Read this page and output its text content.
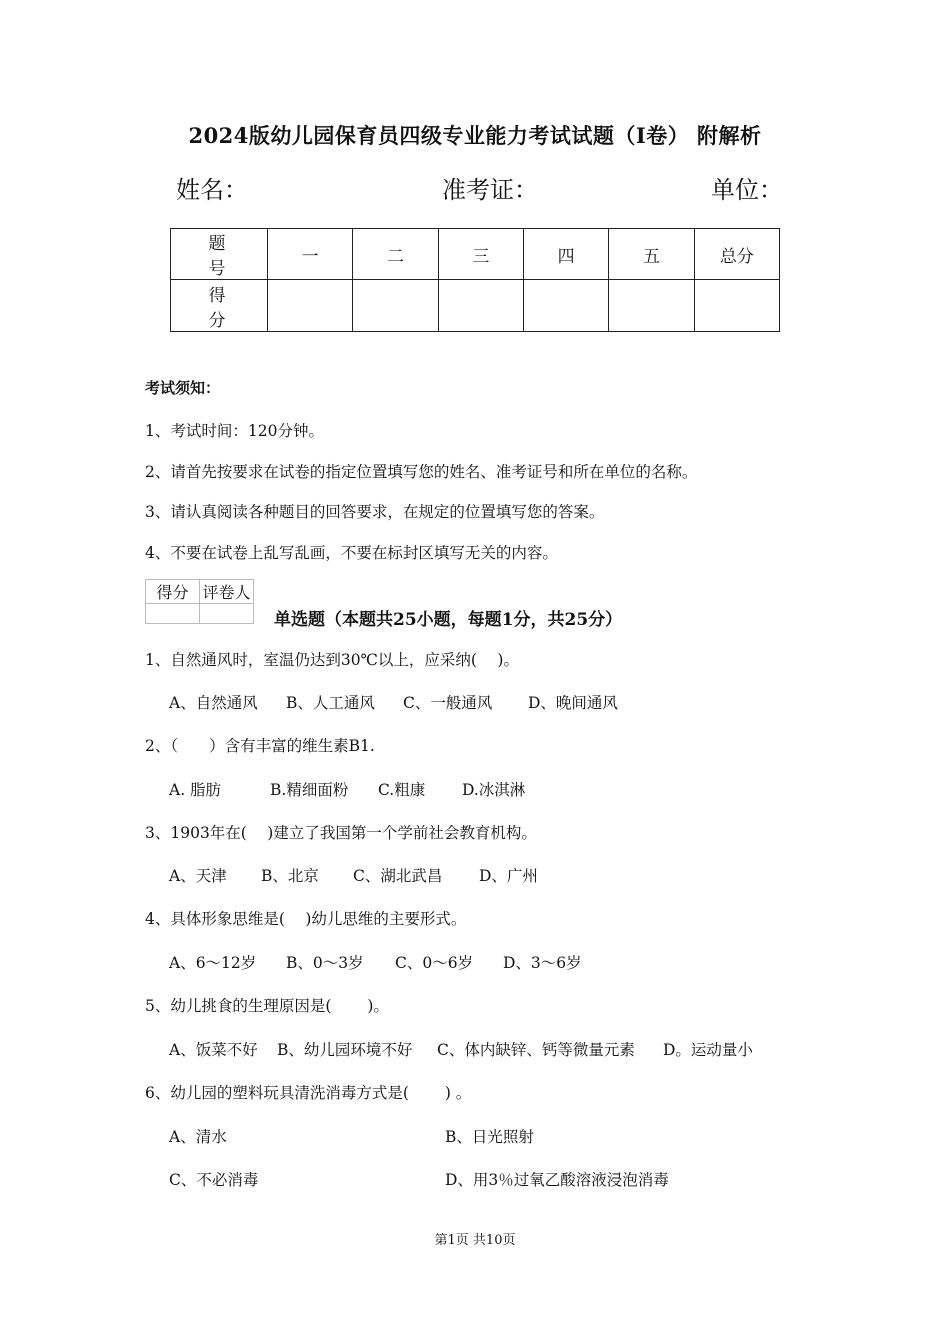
2024版幼儿园保育员四级专业能力考试试题（I卷） 附解析
姓名：	准考证：	单位：
题　号	一	二	三	四	五	总分
得　分						
考试须知：
1、考试时间：120分钟。
2、请首先按要求在试卷的指定位置填写您的姓名、准考证号和所在单位的名称。
3、请认真阅读各种题目的回答要求，在规定的位置填写您的答案。
4、不要在试卷上乱写乱画，不要在标封区填写无关的内容。
得分	评卷人

单选题（本题共25小题，每题1分，共25分）
1、自然通风时，室温仍达到30℃以上，应采纳(　 )。
A、自然通风 B、人工通风 C、一般通风 D、晚间通风
2、（　　）含有丰富的维生素B1.
A. 脂肪	B.精细面粉 C.粗康 D.冰淇淋
3、1903年在(　 )建立了我国第一个学前社会教育机构。
A、天津 B、北京 C、湖北武昌 D、广州
4、具体形象思维是(　 )幼儿思维的主要形式。
A、6～12岁 B、0～3岁 C、0～6岁 D、3～6岁
5、幼儿挑食的生理原因是(　　 )。
A、饭菜不好 B、幼儿园环境不好 C、体内缺锌、钙等微量元素 D。运动量小
6、幼儿园的塑料玩具清洗消毒方式是(　　 ) 。
A、清水	B、日光照射
C、不必消毒	D、用3％过氧乙酸溶液浸泡消毒
第1页 共10页
